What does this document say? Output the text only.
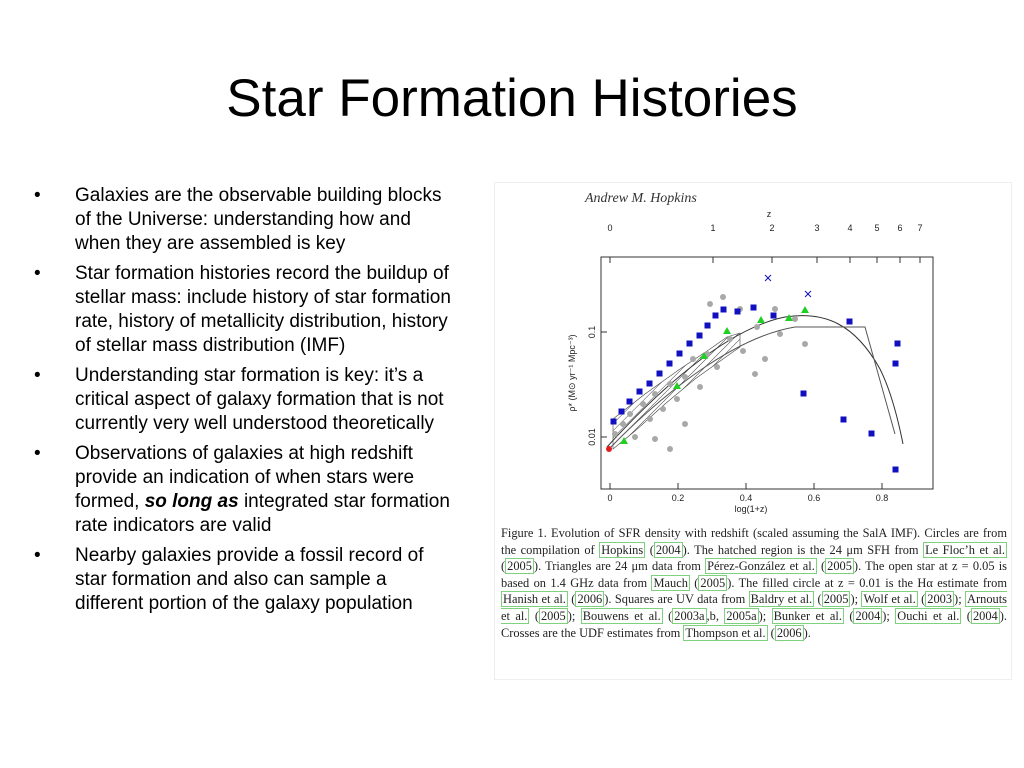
Star Formation Histories
• Galaxies are the observable building blocks of the Universe: understanding how and when they are assembled is key
• Star formation histories record the buildup of stellar mass: include history of star formation rate, history of metallicity distribution, history of stellar mass distribution (IMF)
• Understanding star formation is key: it’s a critical aspect of galaxy formation that is not currently very well understood theoretically
• Observations of galaxies at high redshift provide an indication of when stars were formed, so long as integrated star formation rate indicators are valid
• Nearby galaxies provide a fossil record of star formation and also can sample a different portion of the galaxy population
Andrew M. Hopkins
z
0	1	2	3	4 5 6 7
0	0.2	0.4	0.6	0.8
log(1+z)
0.1
0.01
ρ* (M⊙ yr⁻¹ Mpc⁻³)
Figure 1. Evolution of SFR density with redshift (scaled assuming the SalA IMF). Circles are from the compilation of Hopkins ( 2004 ). The hatched region is the 24 μm SFH from Le Floc’h et al. ( 2005 ). Triangles are 24 μm data from Pérez-González et al. ( 2005 ). The open star at z = 0.05 is based on 1.4 GHz data from Mauch ( 2005 ). The filled circle at z = 0.01 is the Hα estimate from Hanish et al. ( 2006 ). Squares are UV data from Baldry et al. ( 2005 ); Wolf et al. ( 2003 ); Arnouts et al. ( 2005 ); Bouwens et al. ( 2003a ,b, 2005a ); Bunker et al. ( 2004 ); Ouchi et al. ( 2004 ). Crosses are the UDF estimates from Thompson et al. ( 2006 ).
